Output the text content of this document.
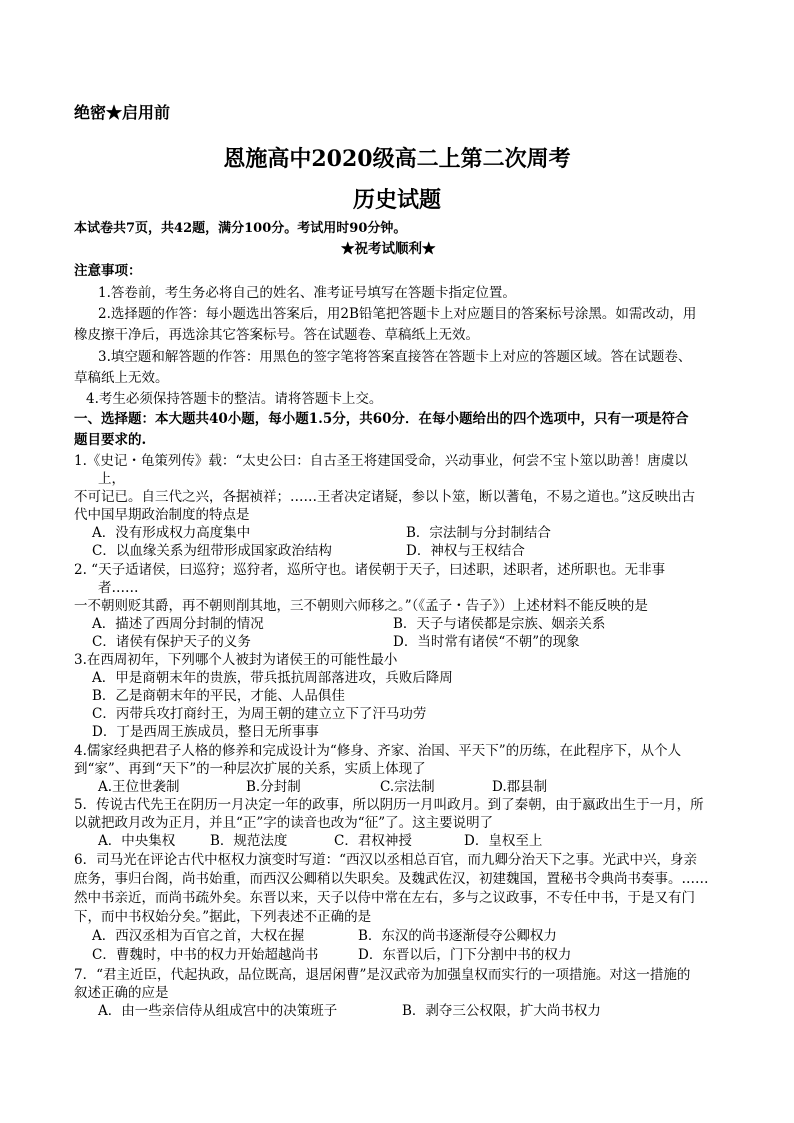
绝密★启用前
恩施高中2020级高二上第二次周考
历史试题
本试卷共7页，共42题，满分100分。考试用时90分钟。
★祝考试顺利★
注意事项：
1.答卷前，考生务必将自己的姓名、准考证号填写在答题卡指定位置。
2.选择题的作答：每小题选出答案后，用2B铅笔把答题卡上对应题目的答案标号涂黑。如需改动，用
橡皮擦干净后，再选涂其它答案标号。答在试题卷、草稿纸上无效。
3.填空题和解答题的作答：用黑色的签字笔将答案直接答在答题卡上对应的答题区域。答在试题卷、
草稿纸上无效。
4.考生必须保持答题卡的整洁。请将答题卡上交。
一、选择题：本大题共40小题，每小题1.5分，共60分．在每小题给出的四个选项中，只有一项是符合
题目要求的.
1.《史记・龟策列传》载：“太史公曰：自古圣王将建国受命，兴动事业，何尝不宝卜筮以助善！唐虞以
上，
不可记已。自三代之兴，各据祯祥；……王者决定诸疑，参以卜筮，断以蓍龟，不易之道也。”这反映出古
代中国早期政治制度的特点是
A．没有形成权力高度集中	B．宗法制与分封制结合
C．以血缘关系为纽带形成国家政治结构	D．神权与王权结合
2. “天子适诸侯，曰巡狩；巡狩者，巡所守也。诸侯朝于天子，曰述职，述职者，述所职也。无非事
者……
一不朝则贬其爵，再不朝则削其地，三不朝则六师移之。”（《孟子・告子》）上述材料不能反映的是
A．描述了西周分封制的情况	B．天子与诸侯都是宗族、姻亲关系
C．诸侯有保护天子的义务	D．当时常有诸侯“不朝”的现象
3.在西周初年，下列哪个人被封为诸侯王的可能性最小
A．甲是商朝末年的贵族，带兵抵抗周部落进攻，兵败后降周
B．乙是商朝末年的平民，才能、人品俱佳
C．丙带兵攻打商纣王，为周王朝的建立立下了汗马功劳
D．丁是西周王族成员，整日无所事事
4.儒家经典把君子人格的修养和完成设计为“修身、齐家、治国、平天下”的历练，在此程序下，从个人
到“家”、再到“天下”的一种层次扩展的关系，实质上体现了
A.王位世袭制	B.分封制	C.宗法制	D.郡县制
5．传说古代先王在阴历一月决定一年的政事，所以阴历一月叫政月。到了秦朝，由于嬴政出生于一月，所
以就把政月改为正月，并且“正”字的读音也改为“征”了。这主要说明了
A．中央集权	B．规范法度	C．君权神授	D．皇权至上
6．司马光在评论古代中枢权力演变时写道：“西汉以丞相总百官，而九卿分治天下之事。光武中兴，身亲
庶务，事归台阁，尚书始重，而西汉公卿稍以失职矣。及魏武佐汉，初建魏国，置秘书令典尚书奏事。……
然中书亲近，而尚书疏外矣。东晋以来，天子以侍中常在左右，多与之议政事，不专任中书，于是又有门
下，而中书权始分矣。”据此，下列表述不正确的是
A．西汉丞相为百官之首，大权在握	B．东汉的尚书逐渐侵夺公卿权力
C．曹魏时，中书的权力开始超越尚书	D．东晋以后，门下分割中书的权力
7．“君主近臣，代起执政，品位既高，退居闲曹”是汉武帝为加强皇权而实行的一项措施。对这一措施的
叙述正确的应是
A．由一些亲信侍从组成宫中的决策班子	B．剥夺三公权限，扩大尚书权力
